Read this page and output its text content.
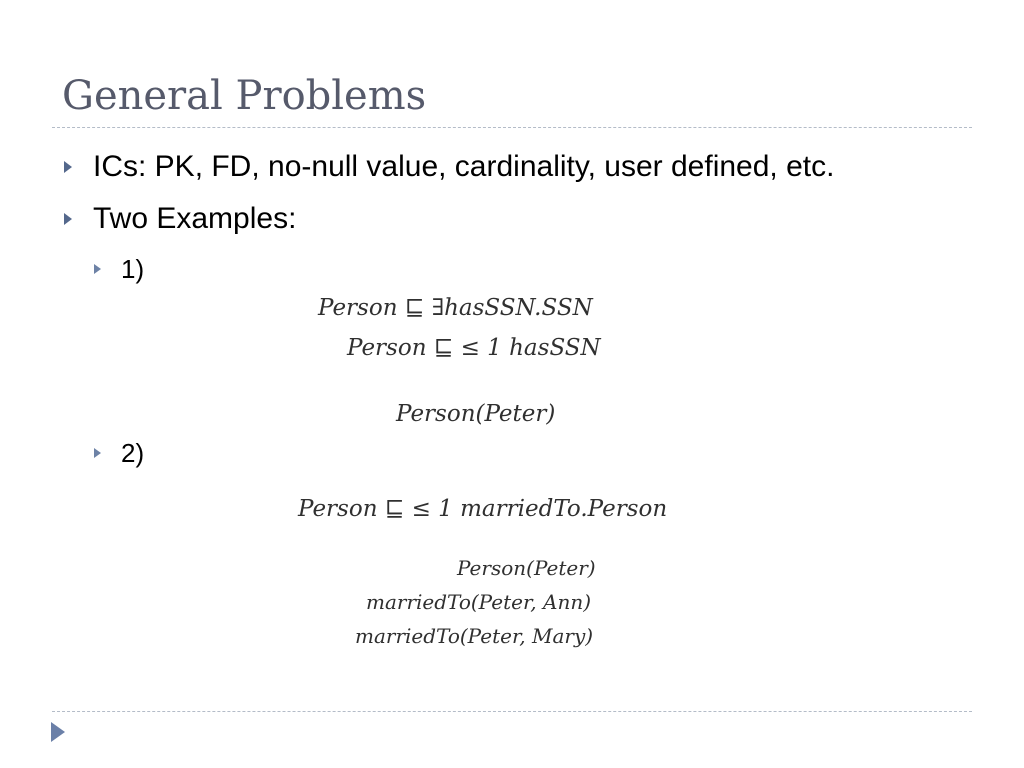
General Problems
ICs: PK, FD, no-null value, cardinality, user defined, etc.
Two Examples:
1)
Person ⊑ ∃hasSSN.SSN
Person ⊑ ≤ 1 hasSSN
Person(Peter)
2)
Person ⊑ ≤ 1 marriedTo.Person
Person(Peter)
marriedTo(Peter, Ann)
marriedTo(Peter, Mary)
